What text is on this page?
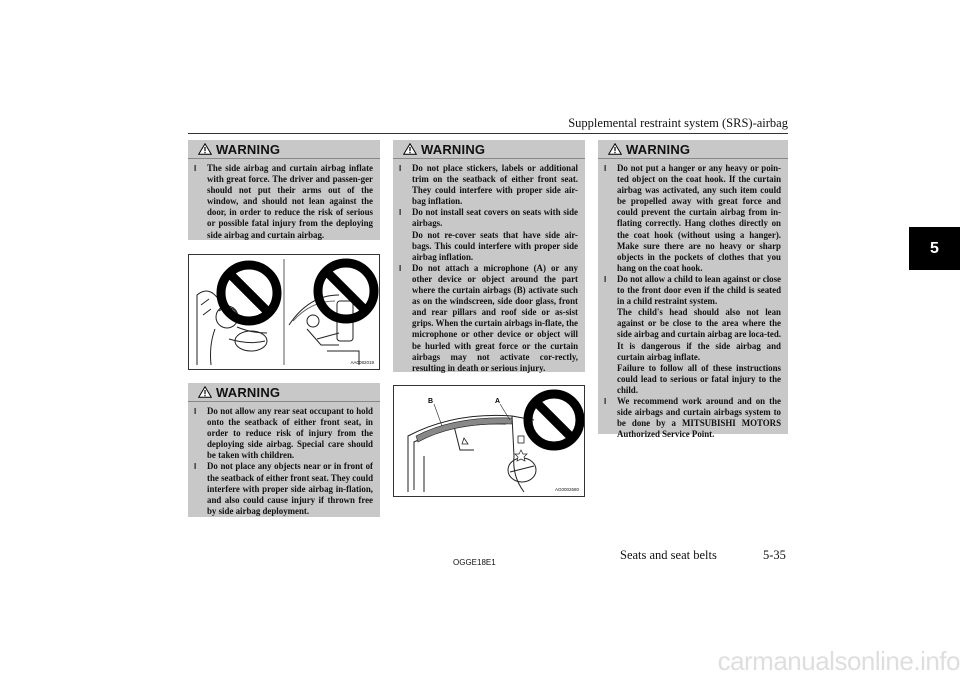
Supplemental restraint system (SRS)-airbag
5
WARNING
l	The side airbag and curtain airbag inflate with great force. The driver and passen-ger should not put their arms out of the window, and should not lean against the door, in order to reduce the risk of serious or possible fatal injury from the deploying side airbag and curtain airbag.

AA0082019
WARNING
l	Do not allow any rear seat occupant to hold onto the seatback of either front seat, in order to reduce risk of injury from the deploying side airbag. Special care should be taken with children.

l	Do not place any objects near or in front of the seatback of either front seat. They could interfere with proper side airbag in-flation, and also could cause injury if thrown free by side airbag deployment.

WARNING
l	Do not place stickers, labels or additional trim on the seatback of either front seat. They could interfere with proper side air-bag inflation.

l	Do not install seat covers on seats with side airbags.

Do not re-cover seats that have side air-bags. This could interfere with proper side airbag inflation.

l	Do not attach a microphone (A) or any other device or object around the part where the curtain airbags (B) activate such as on the windscreen, side door glass, front and rear pillars and roof side or as-sist grips. When the curtain airbags in-flate, the microphone or other device or object will be hurled with great force or the curtain airbags may not activate cor-rectly, resulting in death or serious injury.

B	A
AG0002680
WARNING
l	Do not put a hanger or any heavy or poin-ted object on the coat hook. If the curtain airbag was activated, any such item could be propelled away with great force and could prevent the curtain airbag from in-flating correctly. Hang clothes directly on the coat hook (without using a hanger). Make sure there are no heavy or sharp objects in the pockets of clothes that you hang on the coat hook.

l	Do not allow a child to lean against or close to the front door even if the child is seated in a child restraint system.

The child's head should also not lean against or be close to the area where the side airbag and curtain airbag are loca-ted. It is dangerous if the side airbag and curtain airbag inflate.

Failure to follow all of these instructions could lead to serious or fatal injury to the child.

l	We recommend work around and on the side airbags and curtain airbags system to be done by a MITSUBISHI MOTORS Authorized Service Point.

OGGE18E1
Seats and seat belts	5-35
carmanualsonline.info
